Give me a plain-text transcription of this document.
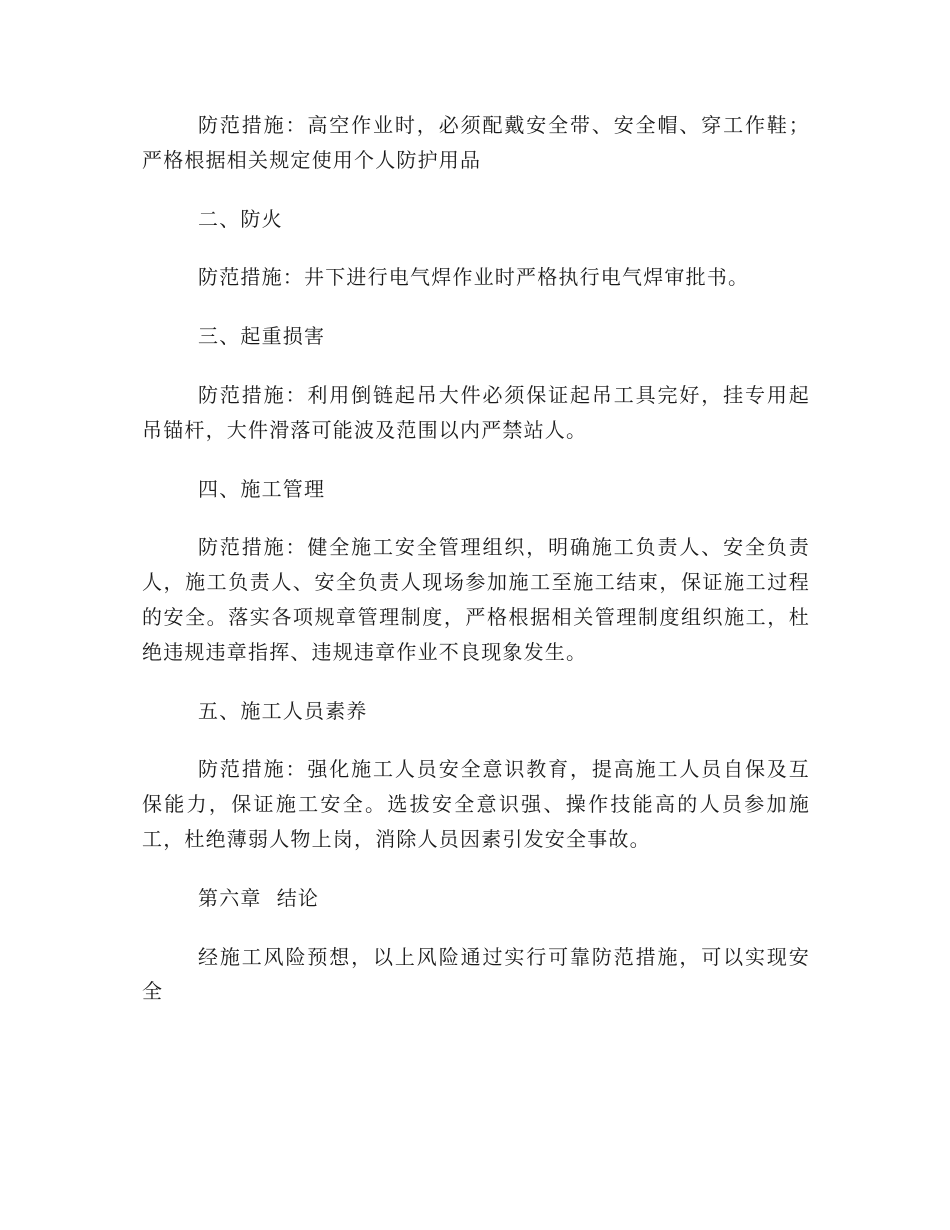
防范措施：高空作业时，必须配戴安全带、安全帽、穿工作鞋；严格根据相关规定使用个人防护用品

二、防火

防范措施：井下进行电气焊作业时严格执行电气焊审批书。

三、起重损害

防范措施：利用倒链起吊大件必须保证起吊工具完好，挂专用起吊锚杆，大件滑落可能波及范围以内严禁站人。

四、施工管理

防范措施：健全施工安全管理组织，明确施工负责人、安全负责人，施工负责人、安全负责人现场参加施工至施工结束，保证施工过程的安全。落实各项规章管理制度，严格根据相关管理制度组织施工，杜绝违规违章指挥、违规违章作业不良现象发生。

五、施工人员素养

防范措施：强化施工人员安全意识教育，提高施工人员自保及互保能力，保证施工安全。选拔安全意识强、操作技能高的人员参加施工，杜绝薄弱人物上岗，消除人员因素引发安全事故。

第六章  结论

经施工风险预想，以上风险通过实行可靠防范措施，可以实现安全
